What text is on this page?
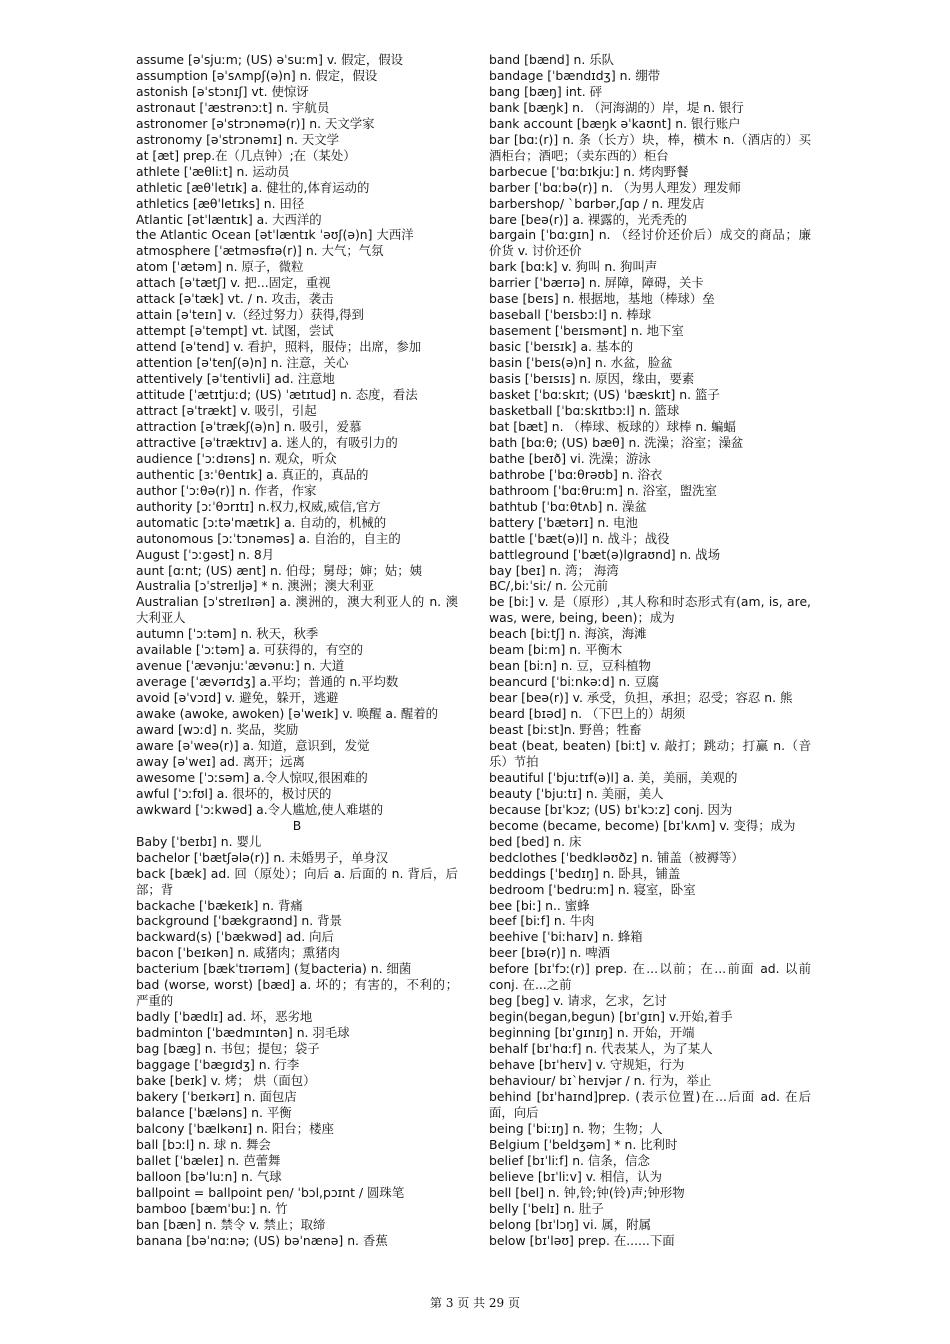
assume [əˈsjuːm; (US) əˈsuːm] v. 假定，假设
assumption [əˈsʌmpʃ(ə)n] n. 假定，假设
astonish [əˈstɔnɪʃ] vt. 使惊讶
astronaut [ˈæstrənɔːt] n. 宇航员
astronomer [əˈstrɔnəmə(r)] n. 天文学家
astronomy [əˈstrɔnəmɪ] n. 天文学
at [æt] prep.在（几点钟）;在（某处）
athlete [ˈæθliːt] n. 运动员
athletic [æθˈletɪk] a. 健壮的,体育运动的
athletics [æθˈletɪks] n. 田径
Atlantic [ətˈlæntɪk] a. 大西洋的
the Atlantic Ocean [ətˈlæntɪk ˈəʊʃ(ə)n] 大西洋
atmosphere [ˈætməsfɪə(r)] n. 大气；气氛
atom [ˈætəm] n. 原子，微粒
attach [əˈtætʃ] v. 把...固定，重视
attack [əˈtæk] vt. / n. 攻击，袭击
attain [əˈteɪn] v.（经过努力）获得,得到
attempt [əˈtempt] vt. 试图，尝试
attend [əˈtend] v. 看护，照料，服侍；出席，参加
attention [əˈtenʃ(ə)n] n. 注意，关心
attentively [əˈtentivli] ad. 注意地
attitude [ˈætɪtjuːd; (US) ˈætɪtud] n. 态度，看法
attract [əˈtrækt] v. 吸引，引起
attraction [əˈtrækʃ(ə)n] n. 吸引，爱慕
attractive [əˈtræktɪv] a. 迷人的，有吸引力的
audience [ˈɔːdɪəns] n. 观众，听众
authentic [ɜːˈθentɪk] a. 真正的，真品的
author [ˈɔːθə(r)] n. 作者，作家
authority [ɔːˈθɔrɪtɪ] n.权力,权威,威信,官方
automatic [ɔːtəˈmætɪk] a. 自动的，机械的
autonomous [ɔːˈtɔnəməs] a. 自治的，自主的
August [ˈɔːgəst] n. 8月
aunt [ɑːnt; (US) ænt] n. 伯母；舅母；婶；姑；姨
Australia [ɔˈstreɪljə] * n. 澳洲；澳大利亚
Australian [ɔˈstreɪlɪən] a. 澳洲的，澳大利亚人的 n. 澳大利亚人
autumn [ˈɔːtəm] n. 秋天，秋季
available [ˈɔːtəm] a. 可获得的，有空的
avenue [ˈævənjuːˈævənuː] n. 大道
average [ˈævərɪdʒ] a.平均；普通的 n.平均数
avoid [əˈvɔɪd] v. 避免，躲开，逃避
awake (awoke, awoken) [əˈweɪk] v. 唤醒 a. 醒着的
award [wɔːd] n. 奖品，奖励
aware [əˈweə(r)] a. 知道，意识到，发觉
away [əˈweɪ] ad. 离开；远离
awesome [ˈɔːsəm] a.令人惊叹,很困难的
awful [ˈɔːfʊl] a. 很坏的，极讨厌的
awkward [ˈɔːkwəd] a.令人尴尬,使人难堪的
B
Baby [ˈbeɪbɪ] n. 婴儿
bachelor [ˈbætʃələ(r)] n. 未婚男子，单身汉
back [bæk] ad. 回（原处）；向后 a. 后面的 n. 背后，后部；背
backache [ˈbækeɪk] n. 背痛
background [ˈbækgraʊnd] n. 背景
backward(s) [ˈbækwəd] ad. 向后
bacon [ˈbeɪkən] n. 咸猪肉；熏猪肉
bacterium [bækˈtɪərɪəm] (复bacteria) n. 细菌
bad (worse, worst) [bæd] a. 坏的；有害的，不利的；严重的
badly [ˈbædlɪ] ad. 坏，恶劣地
badminton [ˈbædmɪntən] n. 羽毛球
bag [bæg] n. 书包；提包；袋子
baggage [ˈbægɪdʒ] n. 行李
bake [beɪk] v. 烤； 烘（面包）
bakery [ˈbeɪkərɪ] n. 面包店
balance [ˈbæləns] n. 平衡
balcony [ˈbælkənɪ] n. 阳台；楼座
ball [bɔːl] n. 球 n. 舞会
ballet [ˈbæleɪ] n. 芭蕾舞
balloon [bəˈluːn] n. 气球
ballpoint = ballpoint pen/ ˈbɔl,pɔɪnt / 圆珠笔
bamboo [bæmˈbuː] n. 竹
ban [bæn] n. 禁令 v. 禁止；取缔
banana [bəˈnɑːnə; (US) bəˈnænə] n. 香蕉
band [bænd] n. 乐队
bandage [ˈbændɪdʒ] n. 绷带
bang [bæŋ] int. 砰
bank [bæŋk] n. （河海湖的）岸，堤 n. 银行
bank account [bæŋk əˈkaʊnt] n. 银行账户
bar [bɑː(r)] n. 条（长方）块，棒，横木 n.（酒店的）买酒柜台；酒吧；（卖东西的）柜台
barbecue [ˈbɑːbɪkjuː] n. 烤肉野餐
barber [ˈbɑːbə(r)] n. （为男人理发）理发师
barbershop/ ˋbɑrbər,ʃɑp / n. 理发店
bare [beə(r)] a. 裸露的，光秃秃的
bargain [ˈbɑːgɪn] n. （经讨价还价后）成交的商品；廉价货 v. 讨价还价
bark [bɑːk] v. 狗叫 n. 狗叫声
barrier [ˈbærɪə] n. 屏障，障碍，关卡
base [beɪs] n. 根据地，基地（棒球）垒
baseball [ˈbeɪsbɔːl] n. 棒球
basement [ˈbeɪsmənt] n. 地下室
basic [ˈbeɪsɪk] a. 基本的
basin [ˈbeɪs(ə)n] n. 水盆，脸盆
basis [ˈbeɪsɪs] n. 原因，缘由，要素
basket [ˈbɑːskɪt; (US) ˈbæskɪt] n. 篮子
basketball [ˈbɑːskɪtbɔːl] n. 篮球
bat [bæt] n. （棒球、板球的）球棒 n. 蝙蝠
bath [bɑːθ; (US) bæθ] n. 洗澡；浴室；澡盆
bathe [beɪð] vi. 洗澡；游泳
bathrobe [ˈbɑːθrəʊb] n. 浴衣
bathroom [ˈbɑːθruːm] n. 浴室，盥洗室
bathtub [ˈbɑːθtʌb] n. 澡盆
battery [ˈbætərɪ] n. 电池
battle [ˈbæt(ə)l] n. 战斗；战役
battleground [ˈbæt(ə)lgraʊnd] n. 战场
bay [beɪ] n. 湾； 海湾
BC/,biːˈsiː/ n. 公元前
be [biː] v. 是（原形）,其人称和时态形式有(am, is, are, was, were, being, been)；成为
beach [biːtʃ] n. 海滨，海滩
beam [biːm] n. 平衡木
bean [biːn] n. 豆，豆科植物
beancurd [ˈbiːnkəːd] n. 豆腐
bear [beə(r)] v. 承受，负担，承担；忍受；容忍 n. 熊
beard [bɪəd] n. （下巴上的）胡须
beast [biːst]n. 野兽；牲畜
beat (beat, beaten) [biːt] v. 敲打；跳动；打赢 n.（音乐）节拍
beautiful [ˈbjuːtɪf(ə)l] a. 美，美丽，美观的
beauty [ˈbjuːtɪ] n. 美丽，美人
because [bɪˈkɔz; (US) bɪˈkɔːz] conj. 因为
become (became, become) [bɪˈkʌm] v. 变得；成为
bed [bed] n. 床
bedclothes [ˈbedkləʊðz] n. 铺盖（被褥等）
beddings [ˈbedɪŋ] n. 卧具，铺盖
bedroom [ˈbedruːm] n. 寝室，卧室
bee [biː] n.. 蜜蜂
beef [biːf] n. 牛肉
beehive [ˈbiːhaɪv] n. 蜂箱
beer [bɪə(r)] n. 啤酒
before [bɪˈfɔː(r)] prep. 在...以前；在...前面 ad. 以前 conj. 在...之前
beg [beg] v. 请求，乞求，乞讨
begin(began,begun) [bɪˈgɪn] v.开始,着手
beginning [bɪˈgɪnɪŋ] n. 开始，开端
behalf [bɪˈhɑːf] n. 代表某人，为了某人
behave [bɪˈheɪv] v. 守规矩，行为
behaviour/ bɪˋheɪvjər / n. 行为，举止
behind [bɪˈhaɪnd]prep. (表示位置)在...后面 ad. 在后面，向后
being [ˈbiːɪŋ] n. 物；生物；人
Belgium [ˈbeldʒəm] * n. 比利时
belief [bɪˈliːf] n. 信条，信念
believe [bɪˈliːv] v. 相信，认为
bell [bel] n. 钟,铃;钟(铃)声;钟形物
belly [ˈbelɪ] n. 肚子
belong [bɪˈlɔŋ] vi. 属，附属
below [bɪˈləʊ] prep. 在......下面
第 3 页 共 29 页
